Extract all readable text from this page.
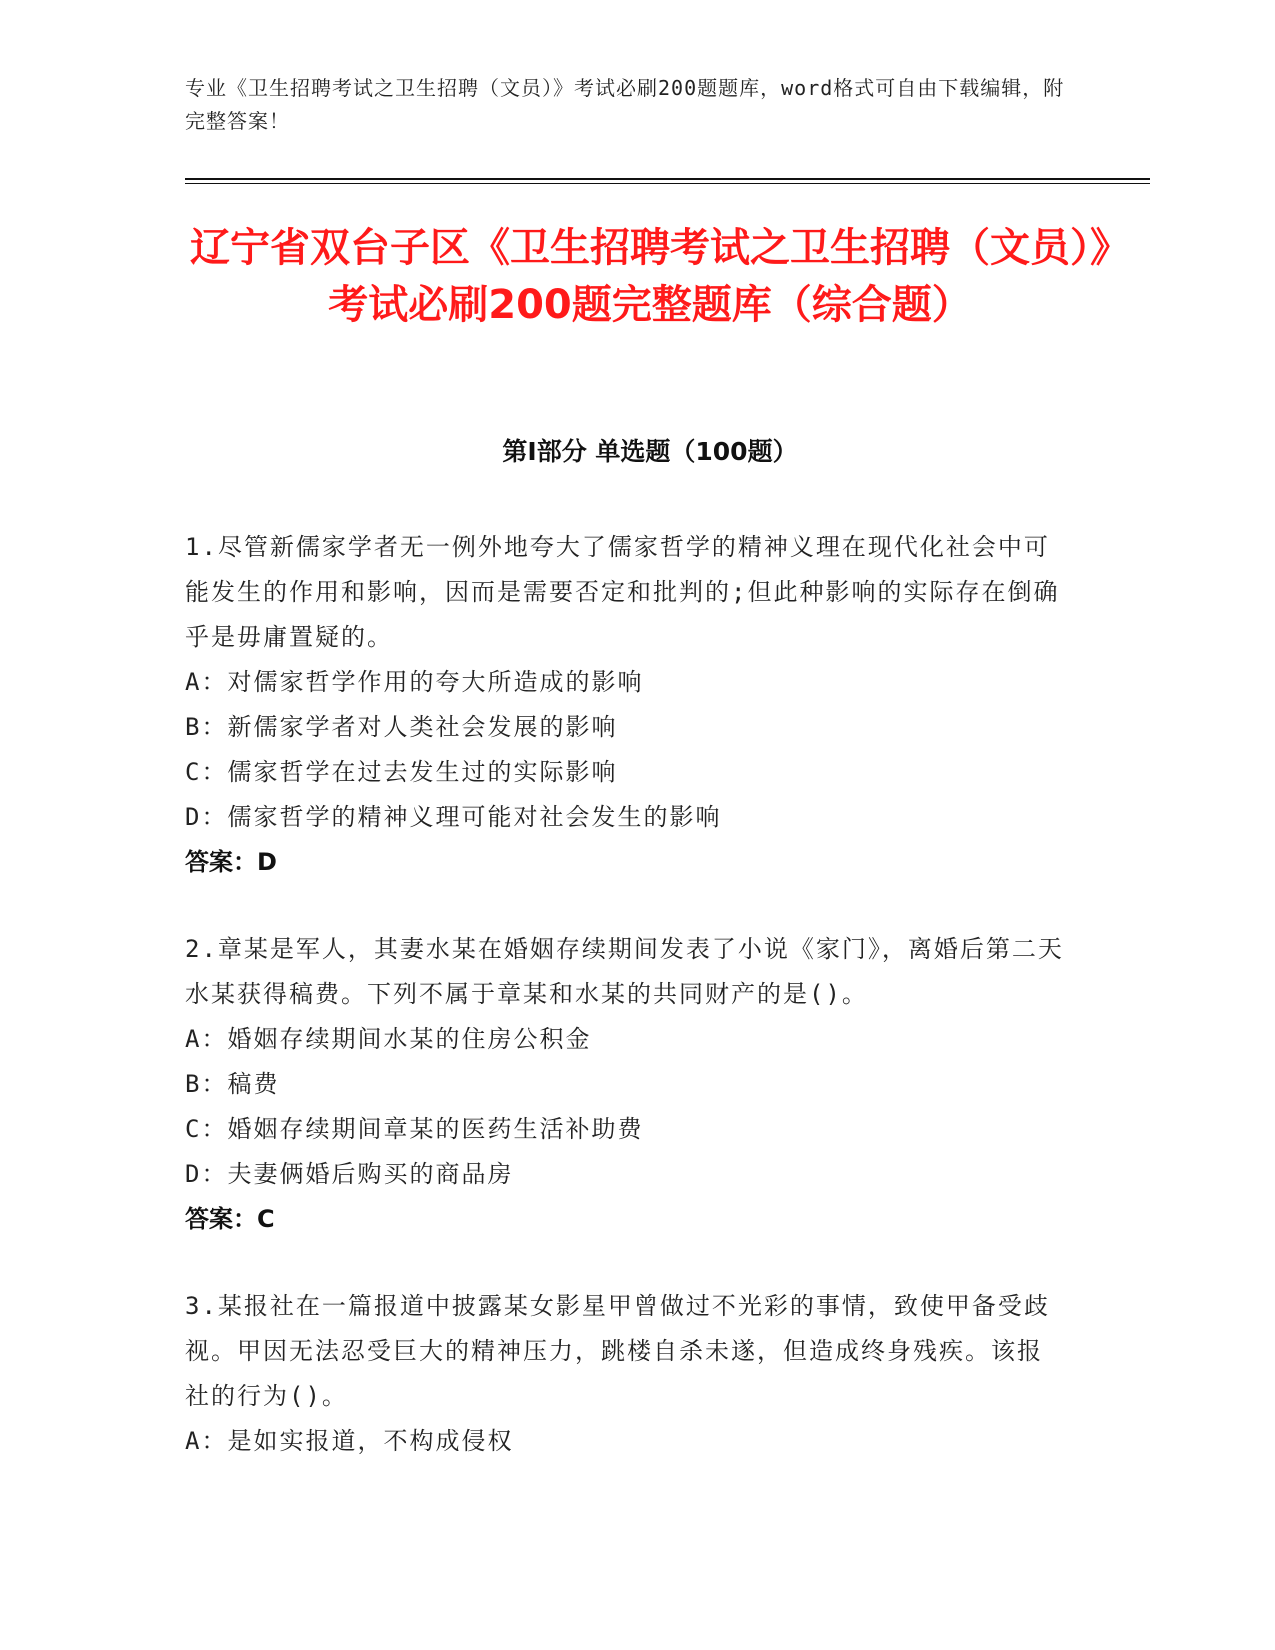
专业《卫生招聘考试之卫生招聘（文员）》考试必刷200题题库，word格式可自由下载编辑，附完整答案！
辽宁省双台子区《卫生招聘考试之卫生招聘（文员）》考试必刷200题完整题库（综合题）
第Ⅰ部分 单选题（100题）
1.尽管新儒家学者无一例外地夸大了儒家哲学的精神义理在现代化社会中可能发生的作用和影响，因而是需要否定和批判的;但此种影响的实际存在倒确乎是毋庸置疑的。
A：对儒家哲学作用的夸大所造成的影响
B：新儒家学者对人类社会发展的影响
C：儒家哲学在过去发生过的实际影响
D：儒家哲学的精神义理可能对社会发生的影响
答案：D
2.章某是军人，其妻水某在婚姻存续期间发表了小说《家门》，离婚后第二天水某获得稿费。下列不属于章某和水某的共同财产的是()。
A：婚姻存续期间水某的住房公积金
B：稿费
C：婚姻存续期间章某的医药生活补助费
D：夫妻俩婚后购买的商品房
答案：C
3.某报社在一篇报道中披露某女影星甲曾做过不光彩的事情，致使甲备受歧视。甲因无法忍受巨大的精神压力，跳楼自杀未遂，但造成终身残疾。该报社的行为()。
A：是如实报道，不构成侵权
